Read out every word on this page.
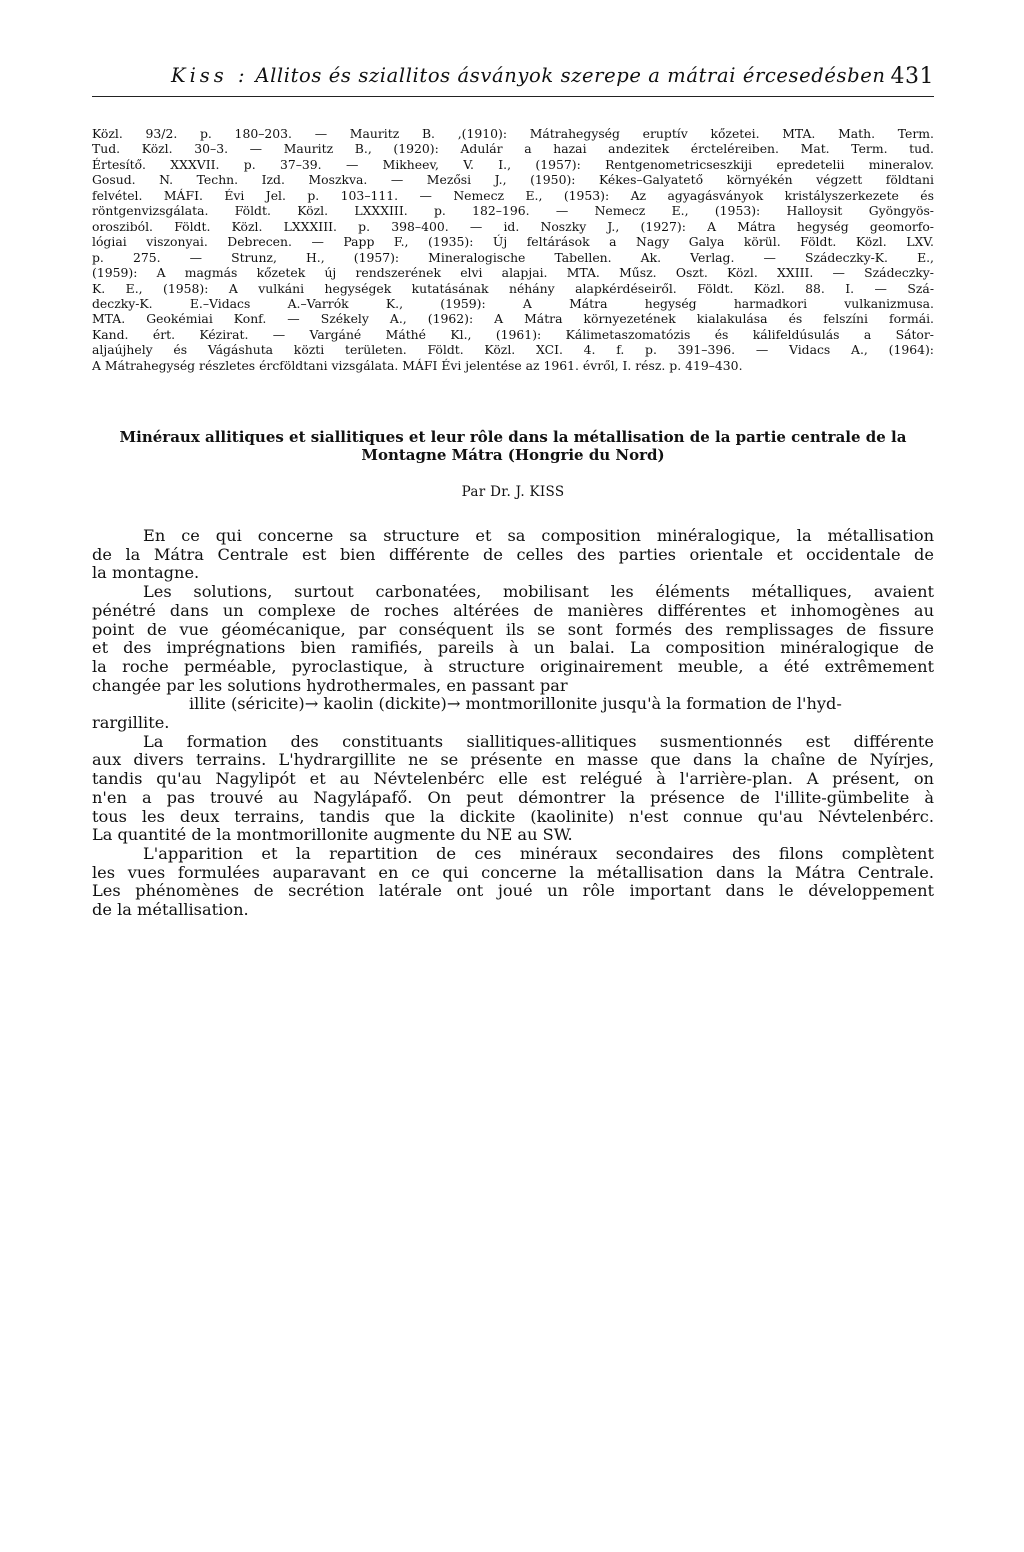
Kiss : Allitos és sziallitos ásványok szerepe a mátrai ércesedésben 431
Közl. 93/2. p. 180–203. — Mauritz B. ,(1910): Mátrahegység eruptív kőzetei. MTA. Math. Term.
Tud. Közl. 30–3. — Mauritz B., (1920): Adulár a hazai andezitek ércteléreiben. Mat. Term. tud.
Értesítő. XXXVII. p. 37–39. — Mikheev, V. I., (1957): Rentgenometricseszkiji epredetelii mineralov.
Gosud. N. Techn. Izd. Moszkva. — Mezősi J., (1950): Kékes–Galyatető környékén végzett földtani
felvétel. MÁFI. Évi Jel. p. 103–111. — Nemecz E., (1953): Az agyagásványok kristályszerkezete és
röntgenvizsgálata. Földt. Közl. LXXXIII. p. 182–196. — Nemecz E., (1953): Halloysit Gyöngyös-
orosziból. Földt. Közl. LXXXIII. p. 398–400. — id. Noszky J., (1927): A Mátra hegység geomorfo-
lógiai viszonyai. Debrecen. — Papp F., (1935): Új feltárások a Nagy Galya körül. Földt. Közl. LXV.
p. 275. — Strunz, H., (1957): Mineralogische Tabellen. Ak. Verlag. — Szádeczky-K. E.,
(1959): A magmás kőzetek új rendszerének elvi alapjai. MTA. Műsz. Oszt. Közl. XXIII. — Szádeczky-
K. E., (1958): A vulkáni hegységek kutatásának néhány alapkérdéseiről. Földt. Közl. 88. I. — Szá-
deczky-K. E.–Vidacs A.–Varrók K., (1959): A Mátra hegység harmadkori vulkanizmusa.
MTA. Geokémiai Konf. — Székely A., (1962): A Mátra környezetének kialakulása és felszíni formái.
Kand. ért. Kézirat. — Vargáné Máthé Kl., (1961): Kálimetaszomatózis és kálifeldúsulás a Sátor-
aljaújhely és Vágáshuta közti területen. Földt. Közl. XCI. 4. f. p. 391–396. — Vidacs A., (1964):
A Mátrahegység részletes ércföldtani vizsgálata. MÁFI Évi jelentése az 1961. évről, I. rész. p. 419–430.
Minéraux allitiques et siallitiques et leur rôle dans la métallisation de la partie centrale de la
Montagne Mátra (Hongrie du Nord)
Par Dr. J. KISS
En ce qui concerne sa structure et sa composition minéralogique, la métallisation
de la Mátra Centrale est bien différente de celles des parties orientale et occidentale de
la montagne.
Les solutions, surtout carbonatées, mobilisant les éléments métalliques, avaient
pénétré dans un complexe de roches altérées de manières différentes et inhomogènes au
point de vue géomécanique, par conséquent ils se sont formés des remplissages de fissure
et des imprégnations bien ramifiés, pareils à un balai. La composition minéralogique de
la roche perméable, pyroclastique, à structure originairement meuble, a été extrêmement
changée par les solutions hydrothermales, en passant par
illite (séricite)→ kaolin (dickite)→ montmorillonite jusqu'à la formation de l'hyd-
rargillite.
La formation des constituants siallitiques-allitiques susmentionnés est différente
aux divers terrains. L'hydrargillite ne se présente en masse que dans la chaîne de Nyírjes,
tandis qu'au Nagylipót et au Névtelenbérc elle est relégué à l'arrière-plan. A présent, on
n'en a pas trouvé au Nagylápafő. On peut démontrer la présence de l'illite-gümbelite à
tous les deux terrains, tandis que la dickite (kaolinite) n'est connue qu'au Névtelenbérc.
La quantité de la montmorillonite augmente du NE au SW.
L'apparition et la repartition de ces minéraux secondaires des filons complètent
les vues formulées auparavant en ce qui concerne la métallisation dans la Mátra Centrale.
Les phénomènes de secrétion latérale ont joué un rôle important dans le développement
de la métallisation.
